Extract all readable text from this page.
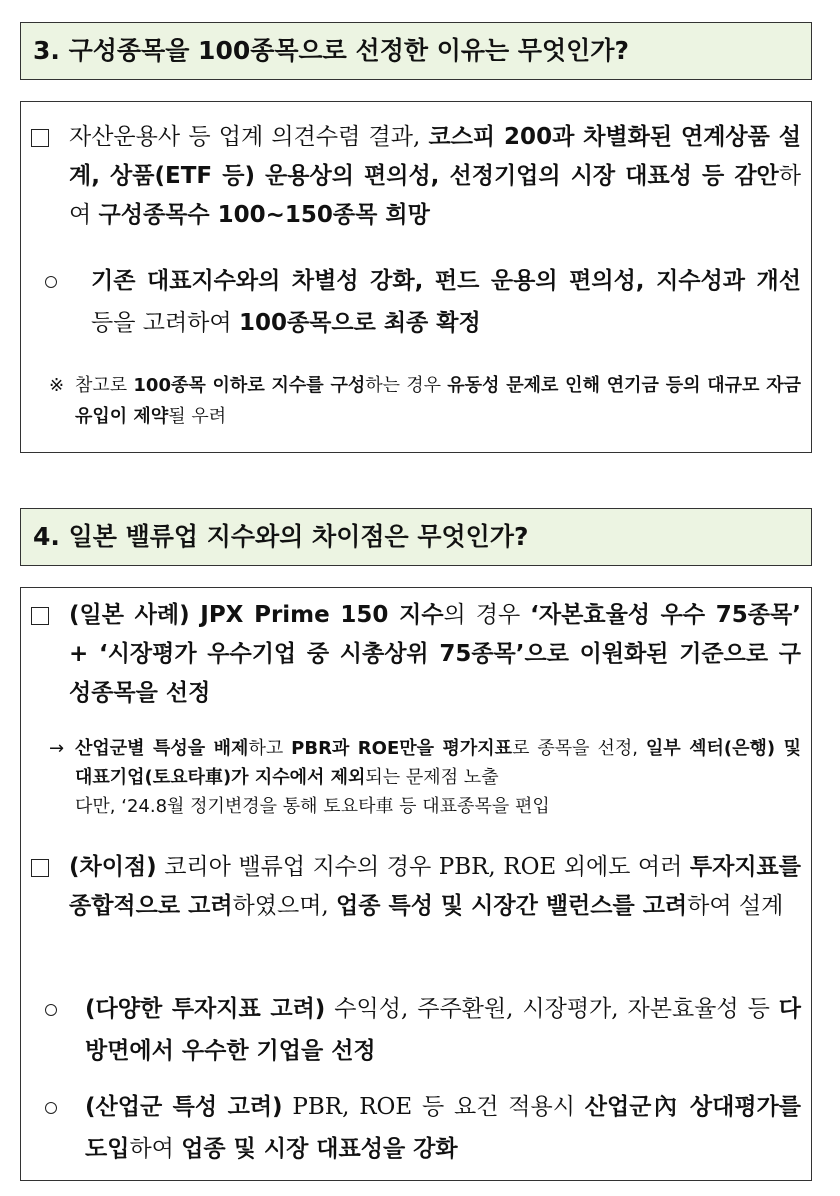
3. 구성종목을 100종목으로 선정한 이유는 무엇인가?
자산운용사 등 업계 의견수렴 결과, 코스피 200과 차별화된 연계상품 설계, 상품(ETF 등) 운용상의 편의성, 선정기업의 시장 대표성 등 감안하여 구성종목수 100~150종목 희망
기존 대표지수와의 차별성 강화, 펀드 운용의 편의성, 지수성과 개선 등을 고려하여 100종목으로 최종 확정
※ 참고로 100종목 이하로 지수를 구성하는 경우 유동성 문제로 인해 연기금 등의 대규모 자금 유입이 제약될 우려
4. 일본 밸류업 지수와의 차이점은 무엇인가?
(일본 사례) JPX Prime 150 지수의 경우 ‘자본효율성 우수 75종목’ + ‘시장평가 우수기업 중 시총상위 75종목’으로 이원화된 기준으로 구성종목을 선정
→ 산업군별 특성을 배제하고 PBR과 ROE만을 평가지표로 종목을 선정, 일부 섹터(은행) 및 대표기업(토요타車)가 지수에서 제외되는 문제점 노출
다만, ‘24.8월 정기변경을 통해 토요타車 등 대표종목을 편입
(차이점) 코리아 밸류업 지수의 경우 PBR, ROE 외에도 여러 투자지표를 종합적으로 고려하였으며, 업종 특성 및 시장간 밸런스를 고려하여 설계
(다양한 투자지표 고려) 수익성, 주주환원, 시장평가, 자본효율성 등 다방면에서 우수한 기업을 선정
(산업군 특성 고려) PBR, ROE 등 요건 적용시 산업군內 상대평가를 도입하여 업종 및 시장 대표성을 강화
